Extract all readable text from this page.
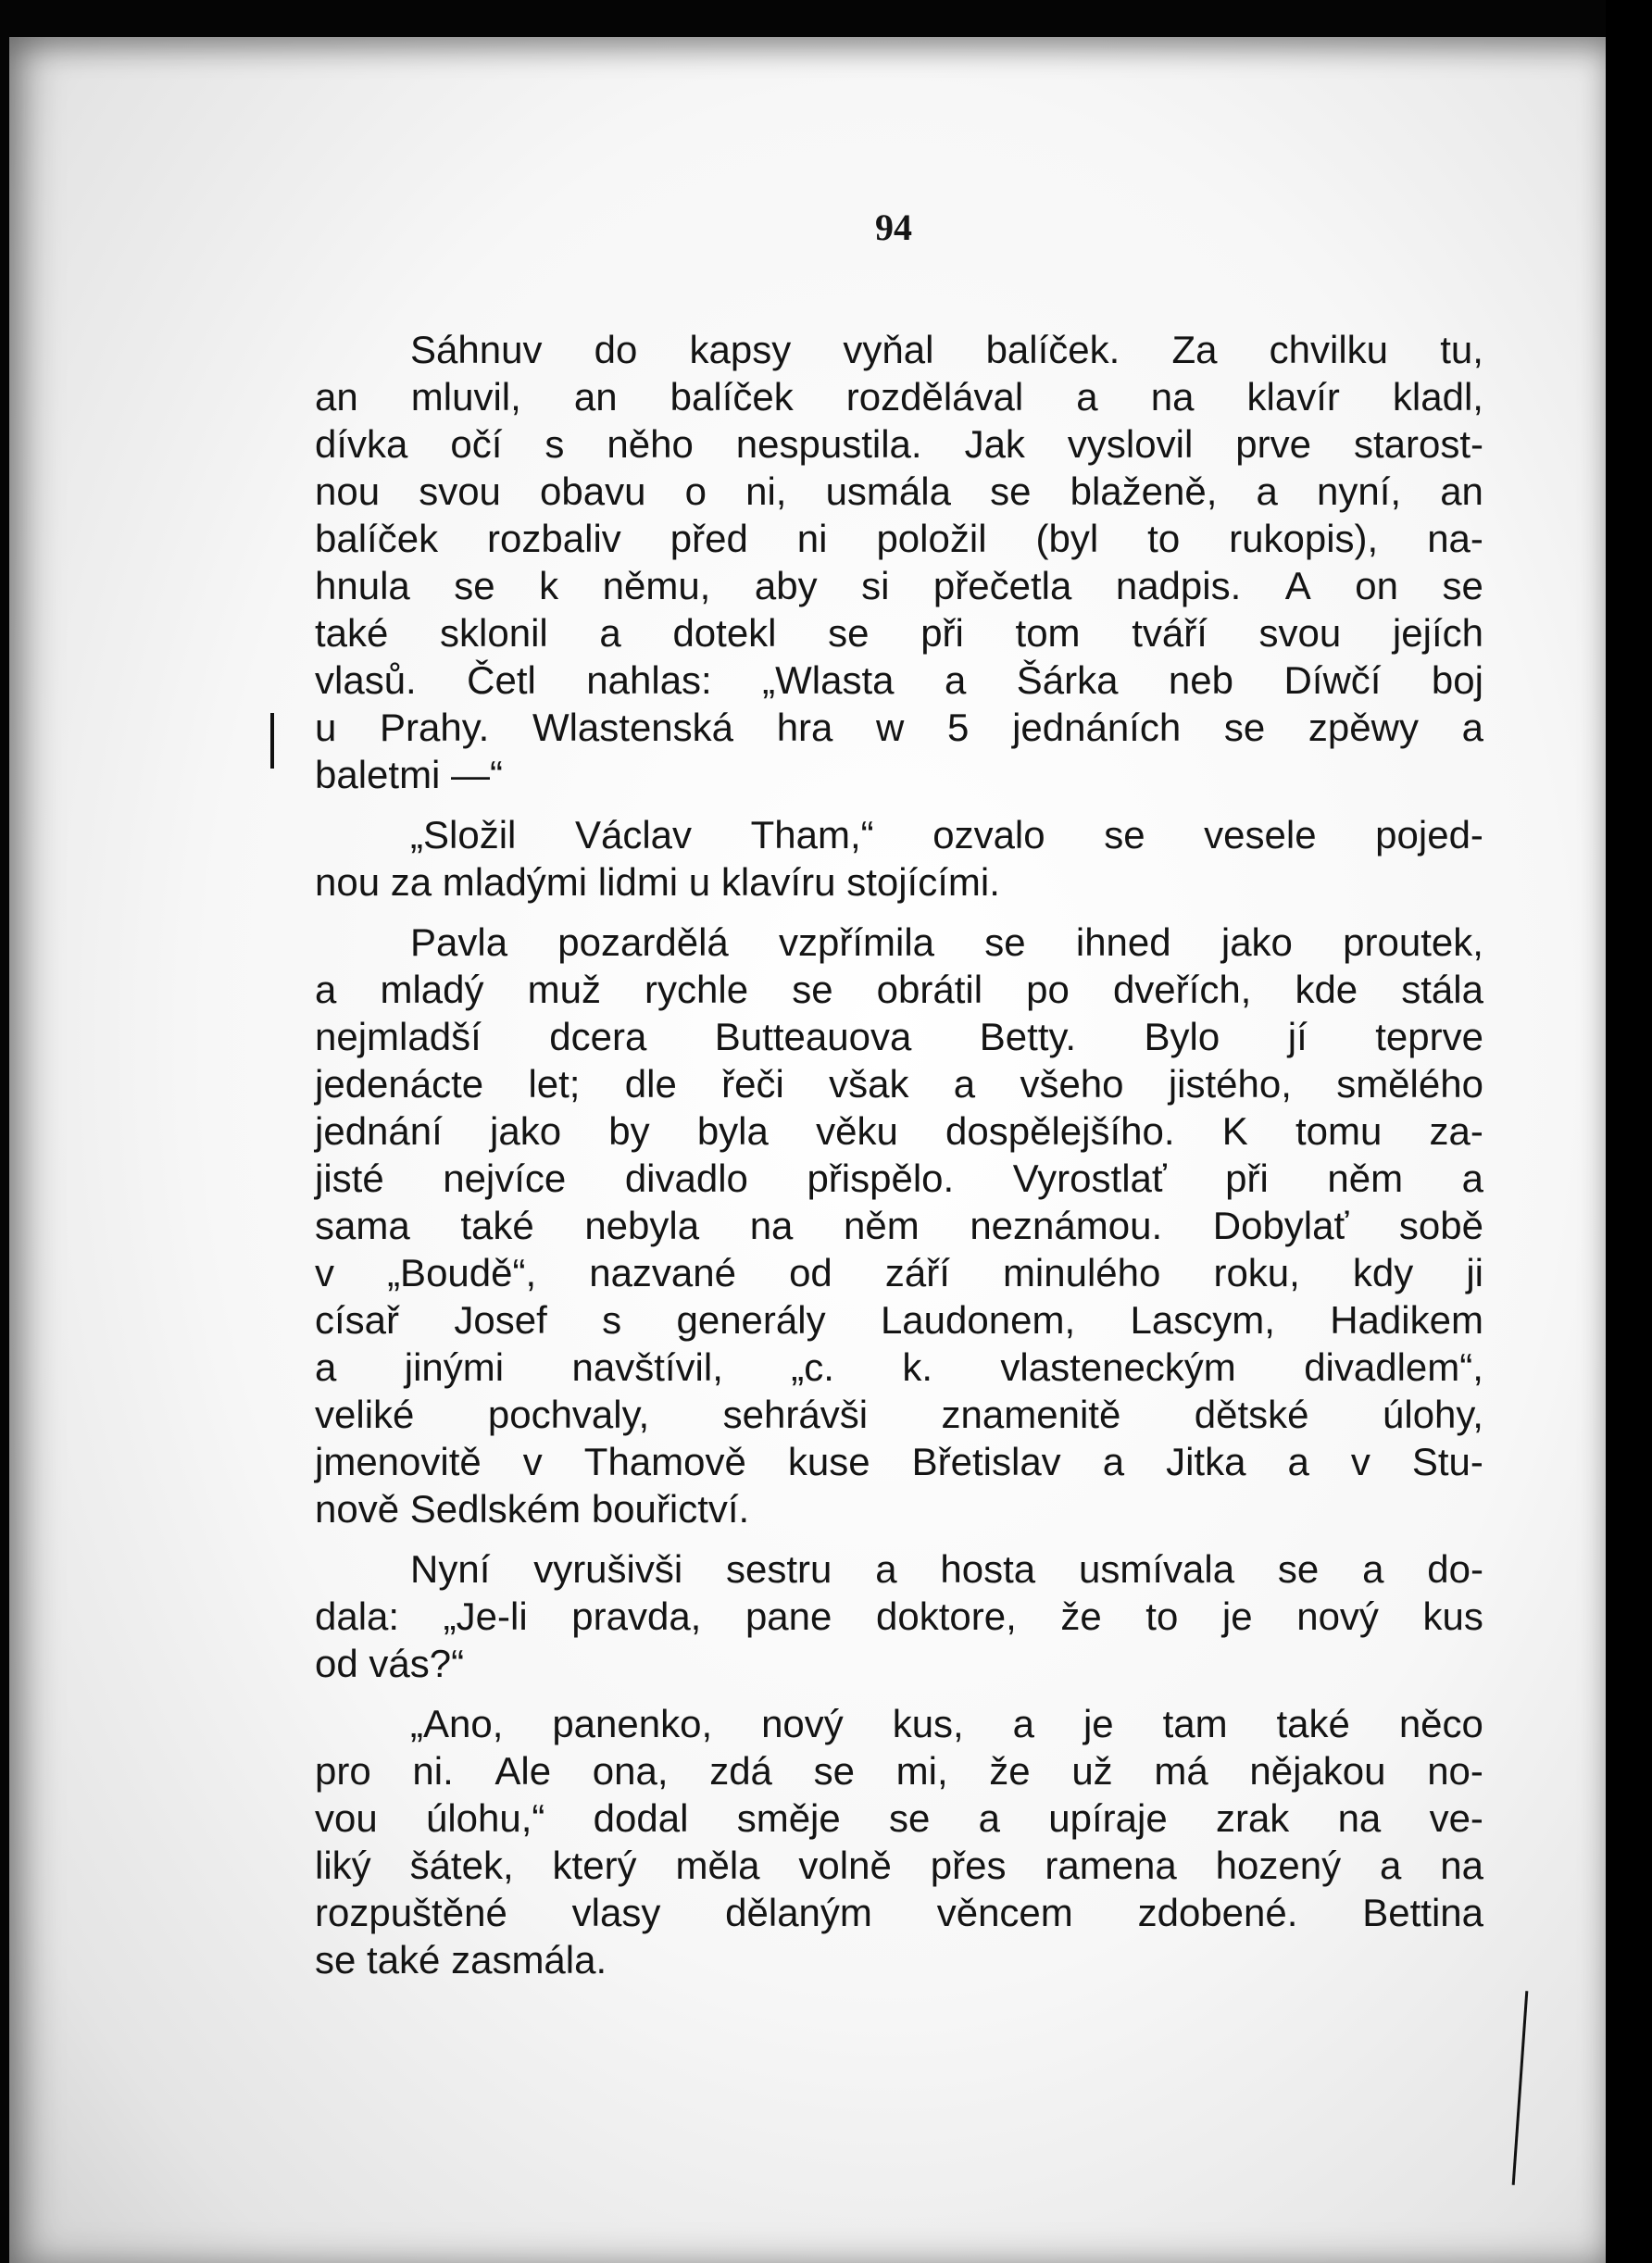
94
Sáhnuv do kapsy vyňal balíček. Za chvilku tu,
an mluvil, an balíček rozdělával a na klavír kladl,
dívka očí s něho nespustila. Jak vyslovil prve starost-
nou svou obavu o ni, usmála se blaženě, a nyní, an
balíček rozbaliv před ni položil (byl to rukopis), na-
hnula se k němu, aby si přečetla nadpis. A on se
také sklonil a dotekl se při tom tváří svou jejích
vlasů. Četl nahlas: „Wlasta a Šárka neb Díwčí boj
u Prahy. Wlastenská hra w 5 jednáních se zpěwy a
baletmi —“
„Složil Václav Tham,“ ozvalo se vesele pojed-
nou za mladými lidmi u klavíru stojícími.
Pavla pozardělá vzpřímila se ihned jako proutek,
a mladý muž rychle se obrátil po dveřích, kde stála
nejmladší dcera Butteauova Betty. Bylo jí teprve
jedenácte let; dle řeči však a všeho jistého, smělého
jednání jako by byla věku dospělejšího. K tomu za-
jisté nejvíce divadlo přispělo. Vyrostlať při něm a
sama také nebyla na něm neznámou. Dobylať sobě
v „Boudě“, nazvané od září minulého roku, kdy ji
císař Josef s generály Laudonem, Lascym, Hadikem
a jinými navštívil, „c. k. vlasteneckým divadlem“,
veliké pochvaly, sehrávši znamenitě dětské úlohy,
jmenovitě v Thamově kuse Břetislav a Jitka a v Stu-
nově Sedlském bouřictví.
Nyní vyrušivši sestru a hosta usmívala se a do-
dala: „Je-li pravda, pane doktore, že to je nový kus
od vás?“
„Ano, panenko, nový kus, a je tam také něco
pro ni. Ale ona, zdá se mi, že už má nějakou no-
vou úlohu,“ dodal směje se a upíraje zrak na ve-
liký šátek, který měla volně přes ramena hozený a na
rozpuštěné vlasy dělaným věncem zdobené. Bettina
se také zasmála.
